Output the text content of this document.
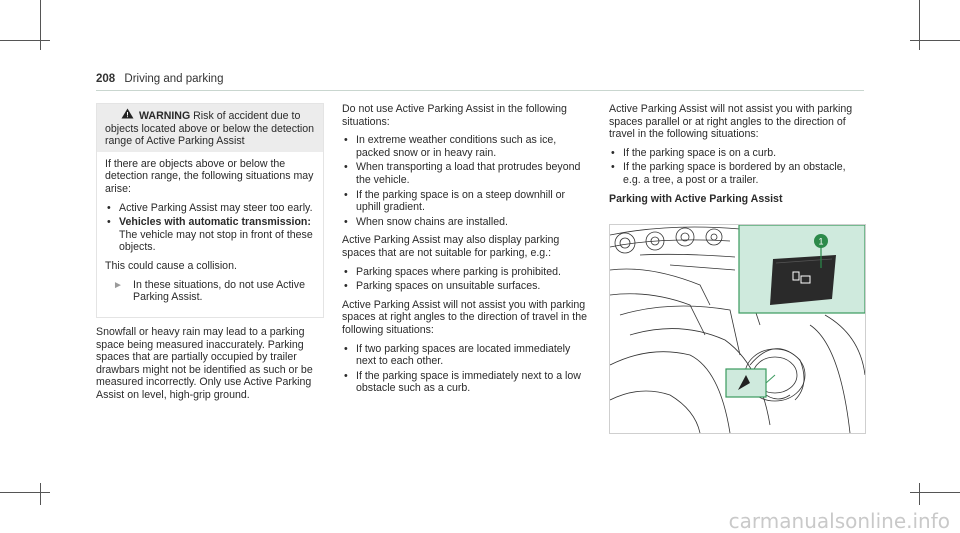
208 Driving and parking
WARNING Risk of accident due to objects located above or below the detection range of Active Parking Assist

If there are objects above or below the detection range, the following situations may arise:

• Active Parking Assist may steer too early.
• Vehicles with automatic transmission: The vehicle may not stop in front of these objects.

This could cause a collision.

► In these situations, do not use Active Parking Assist.

Snowfall or heavy rain may lead to a parking space being measured inaccurately. Parking spaces that are partially occupied by trailer drawbars might not be identified as such or be measured incorrectly. Only use Active Parking Assist on level, high-grip ground.

Do not use Active Parking Assist in the following situations:

• In extreme weather conditions such as ice, packed snow or in heavy rain.
• When transporting a load that protrudes beyond the vehicle.
• If the parking space is on a steep downhill or uphill gradient.
• When snow chains are installed.

Active Parking Assist may also display parking spaces that are not suitable for parking, e.g.:

• Parking spaces where parking is prohibited.
• Parking spaces on unsuitable surfaces.

Active Parking Assist will not assist you with parking spaces at right angles to the direction of travel in the following situations:

• If two parking spaces are located immediately next to each other.
• If the parking space is immediately next to a low obstacle such as a curb.

Active Parking Assist will not assist you with parking spaces parallel or at right angles to the direction of travel in the following situations:

• If the parking space is on a curb.
• If the parking space is bordered by an obstacle, e.g. a tree, a post or a trailer.
Parking with Active Parking Assist
1
carmanualsonline.info
